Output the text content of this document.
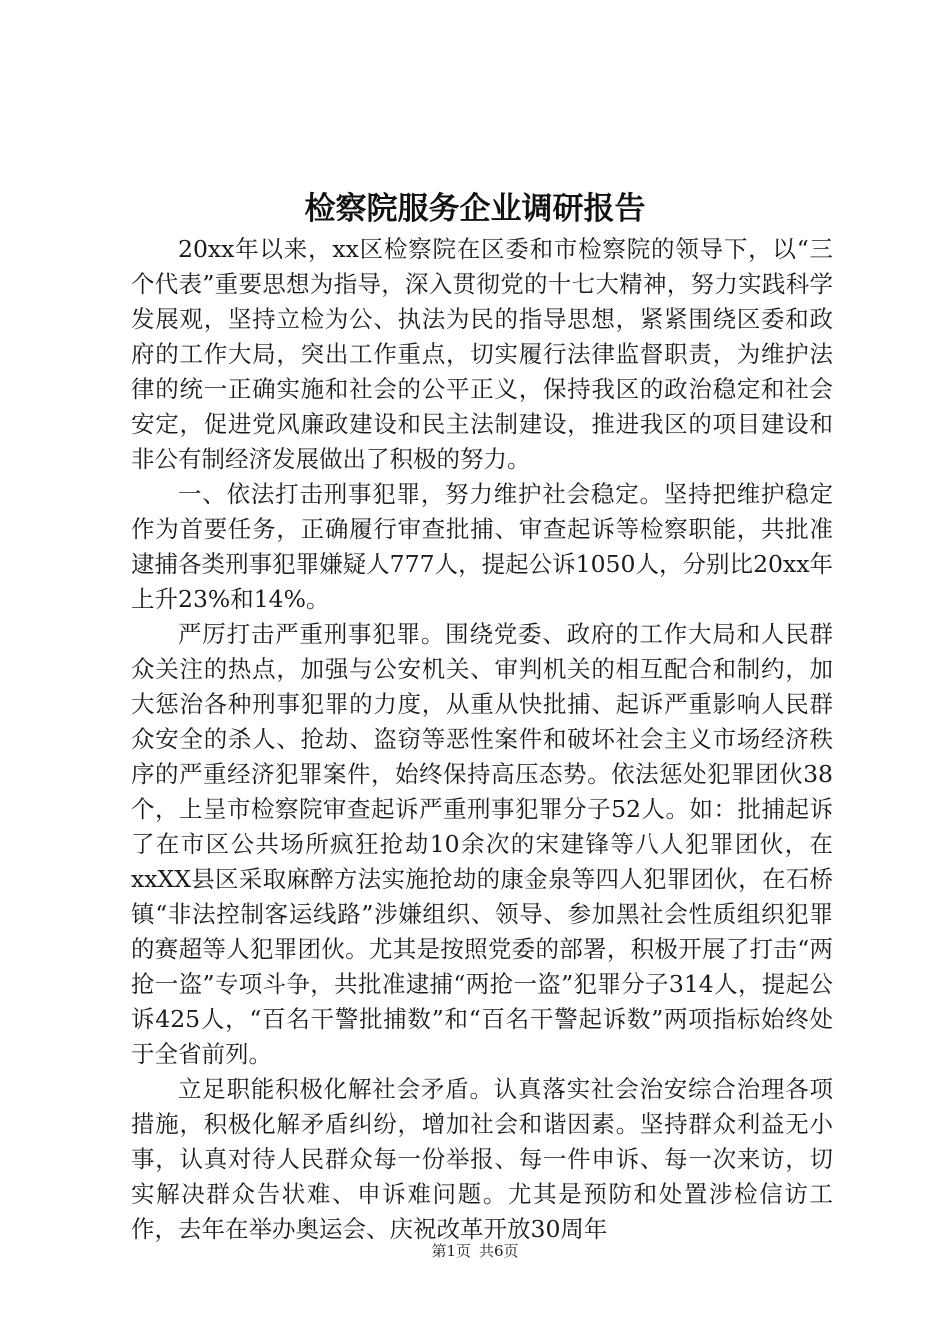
检察院服务企业调研报告

20xx年以来，xx区检察院在区委和市检察院的领导下，以“三个代表”重要思想为指导，深入贯彻党的十七大精神，努力实践科学发展观，坚持立检为公、执法为民的指导思想，紧紧围绕区委和政府的工作大局，突出工作重点，切实履行法律监督职责，为维护法律的统一正确实施和社会的公平正义，保持我区的政治稳定和社会安定，促进党风廉政建设和民主法制建设，推进我区的项目建设和非公有制经济发展做出了积极的努力。

一、依法打击刑事犯罪，努力维护社会稳定。坚持把维护稳定作为首要任务，正确履行审查批捕、审查起诉等检察职能，共批准逮捕各类刑事犯罪嫌疑人777人，提起公诉1050人，分别比20xx年上升23%和14%。

严厉打击严重刑事犯罪。围绕党委、政府的工作大局和人民群众关注的热点，加强与公安机关、审判机关的相互配合和制约，加大惩治各种刑事犯罪的力度，从重从快批捕、起诉严重影响人民群众安全的杀人、抢劫、盗窃等恶性案件和破坏社会主义市场经济秩序的严重经济犯罪案件，始终保持高压态势。依法惩处犯罪团伙38个，上呈市检察院审查起诉严重刑事犯罪分子52人。如：批捕起诉了在市区公共场所疯狂抢劫10余次的宋建锋等八人犯罪团伙，在xxXX县区采取麻醉方法实施抢劫的康金泉等四人犯罪团伙，在石桥镇“非法控制客运线路”涉嫌组织、领导、参加黑社会性质组织犯罪的赛超等人犯罪团伙。尤其是按照党委的部署，积极开展了打击“两抢一盗”专项斗争，共批准逮捕“两抢一盗”犯罪分子314人，提起公诉425人，“百名干警批捕数”和“百名干警起诉数”两项指标始终处于全省前列。

立足职能积极化解社会矛盾。认真落实社会治安综合治理各项措施，积极化解矛盾纠纷，增加社会和谐因素。坚持群众利益无小事，认真对待人民群众每一份举报、每一件申诉、每一次来访，切实解决群众告状难、申诉难问题。尤其是预防和处置涉检信访工作，去年在举办奥运会、庆祝改革开放30周年

第1页 共6页
